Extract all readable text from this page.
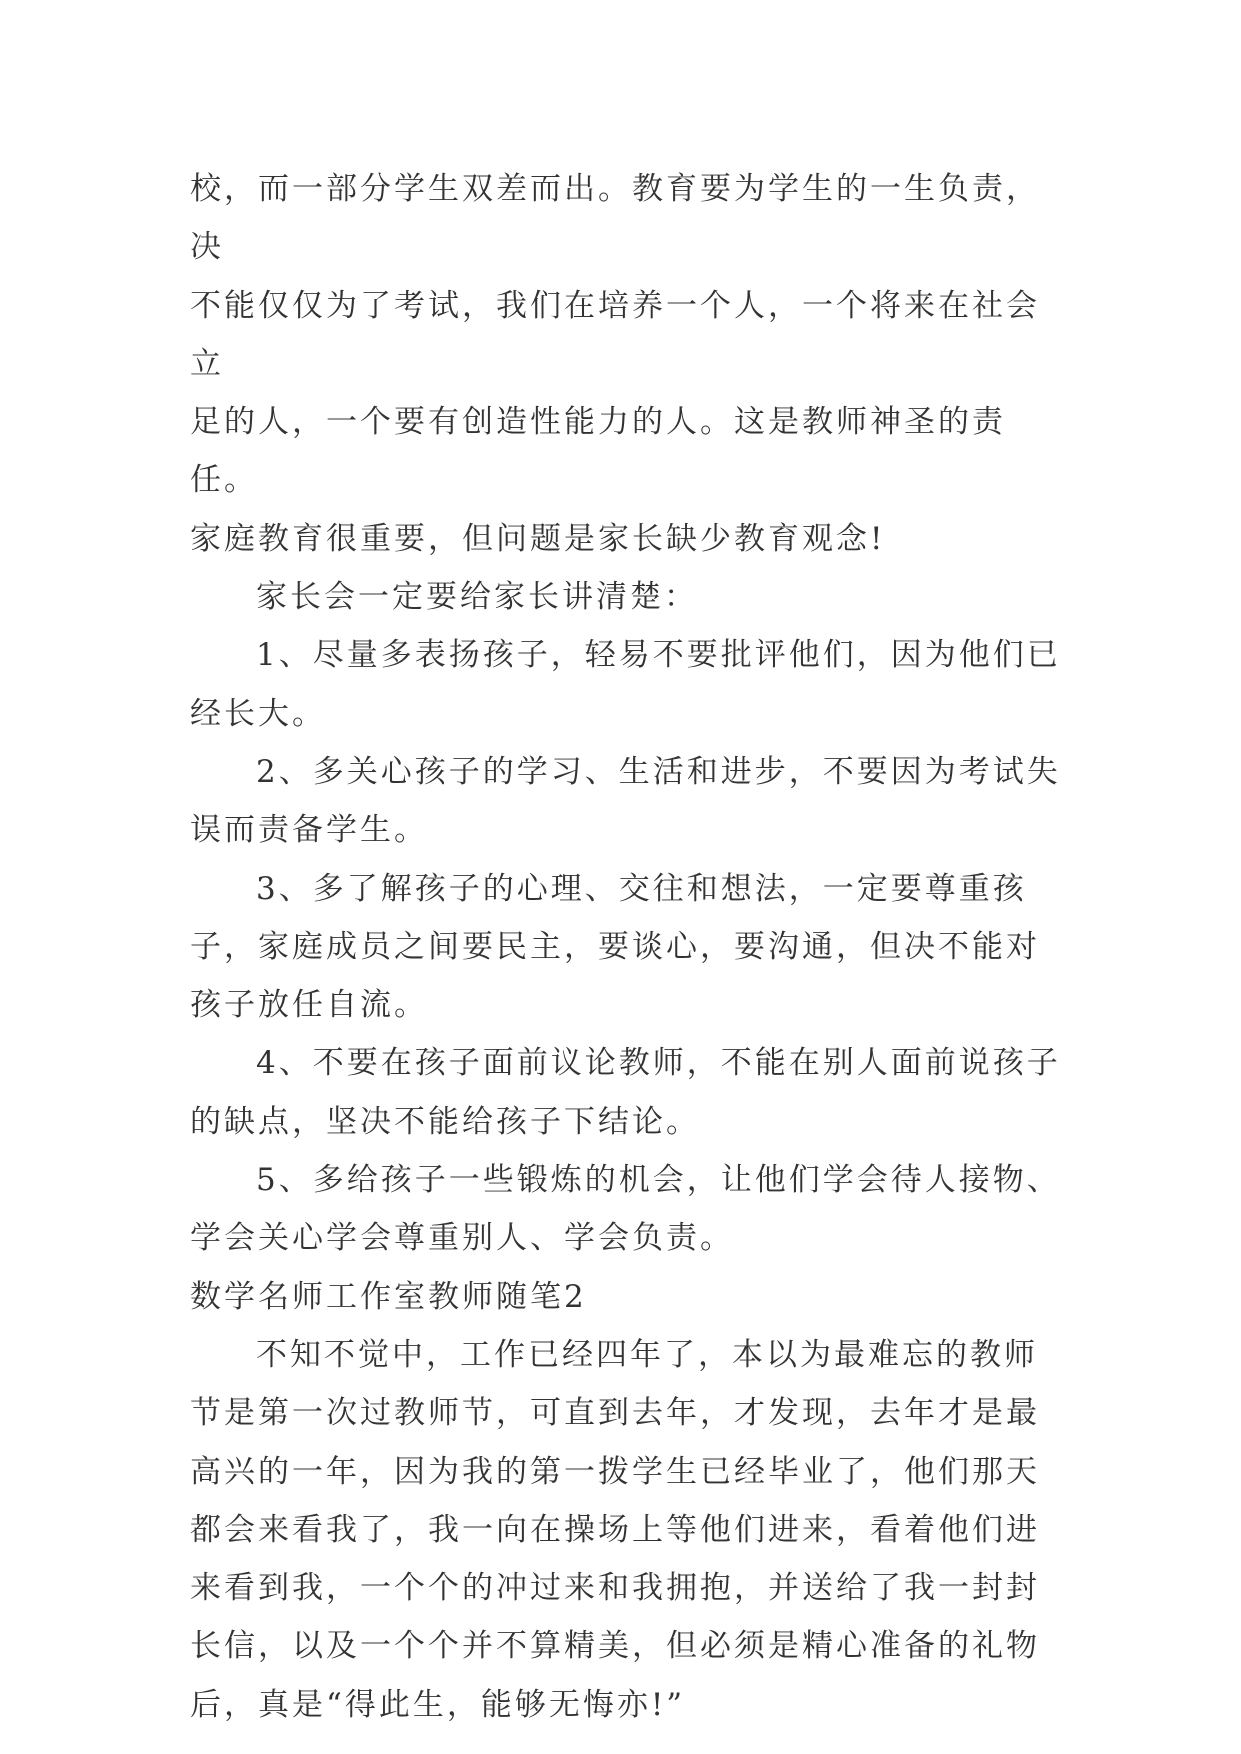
校，而一部分学生双差而出。教育要为学生的一生负责，决
不能仅仅为了考试，我们在培养一个人，一个将来在社会立
足的人，一个要有创造性能力的人。这是教师神圣的责任。
家庭教育很重要，但问题是家长缺少教育观念!

家长会一定要给家长讲清楚：

1、尽量多表扬孩子，轻易不要批评他们，因为他们已经长大。

2、多关心孩子的学习、生活和进步，不要因为考试失误而责备学生。

3、多了解孩子的心理、交往和想法，一定要尊重孩子，家庭成员之间要民主，要谈心，要沟通，但决不能对孩子放任自流。

4、不要在孩子面前议论教师，不能在别人面前说孩子的缺点，坚决不能给孩子下结论。

5、多给孩子一些锻炼的机会，让他们学会待人接物、学会关心学会尊重别人、学会负责。

数学名师工作室教师随笔2

不知不觉中，工作已经四年了，本以为最难忘的教师节是第一次过教师节，可直到去年，才发现，去年才是最高兴的一年，因为我的第一拨学生已经毕业了，他们那天都会来看我了，我一向在操场上等他们进来，看着他们进来看到我，一个个的冲过来和我拥抱，并送给了我一封封长信，以及一个个并不算精美，但必须是精心准备的礼物后，真是“得此生，能够无悔亦!”
